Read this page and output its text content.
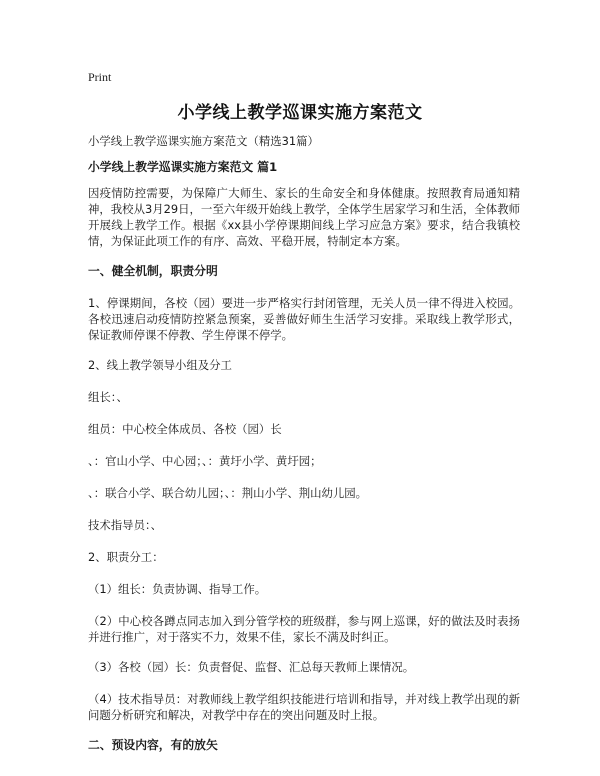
Print
小学线上教学巡课实施方案范文

小学线上教学巡课实施方案范文（精选31篇）

小学线上教学巡课实施方案范文 篇1

因疫情防控需要，为保障广大师生、家长的生命安全和身体健康。按照教育局通知精神，我校从3月29日，一至六年级开始线上教学，全体学生居家学习和生活，全体教师开展线上教学工作。根据《xx县小学停课期间线上学习应急方案》要求，结合我镇校情，为保证此项工作的有序、高效、平稳开展，特制定本方案。

一、健全机制，职责分明

1、停课期间，各校（园）要进一步严格实行封闭管理，无关人员一律不得进入校园。各校迅速启动疫情防控紧急预案，妥善做好师生生活学习安排。采取线上教学形式，保证教师停课不停教、学生停课不停学。

2、线上教学领导小组及分工

组长：、

组员：中心校全体成员、各校（园）长

、：官山小学、中心园；、：黄圩小学、黄圩园；

、：联合小学、联合幼儿园；、：荆山小学、荆山幼儿园。

技术指导员：、

2、职责分工：

（1）组长：负责协调、指导工作。

（2）中心校各蹲点同志加入到分管学校的班级群，参与网上巡课，好的做法及时表扬并进行推广，对于落实不力，效果不佳，家长不满及时纠正。

（3）各校（园）长：负责督促、监督、汇总每天教师上课情况。

（4）技术指导员：对教师线上教学组织技能进行培训和指导，并对线上教学出现的新问题分析研究和解决，对教学中存在的突出问题及时上报。

二、预设内容，有的放矢
